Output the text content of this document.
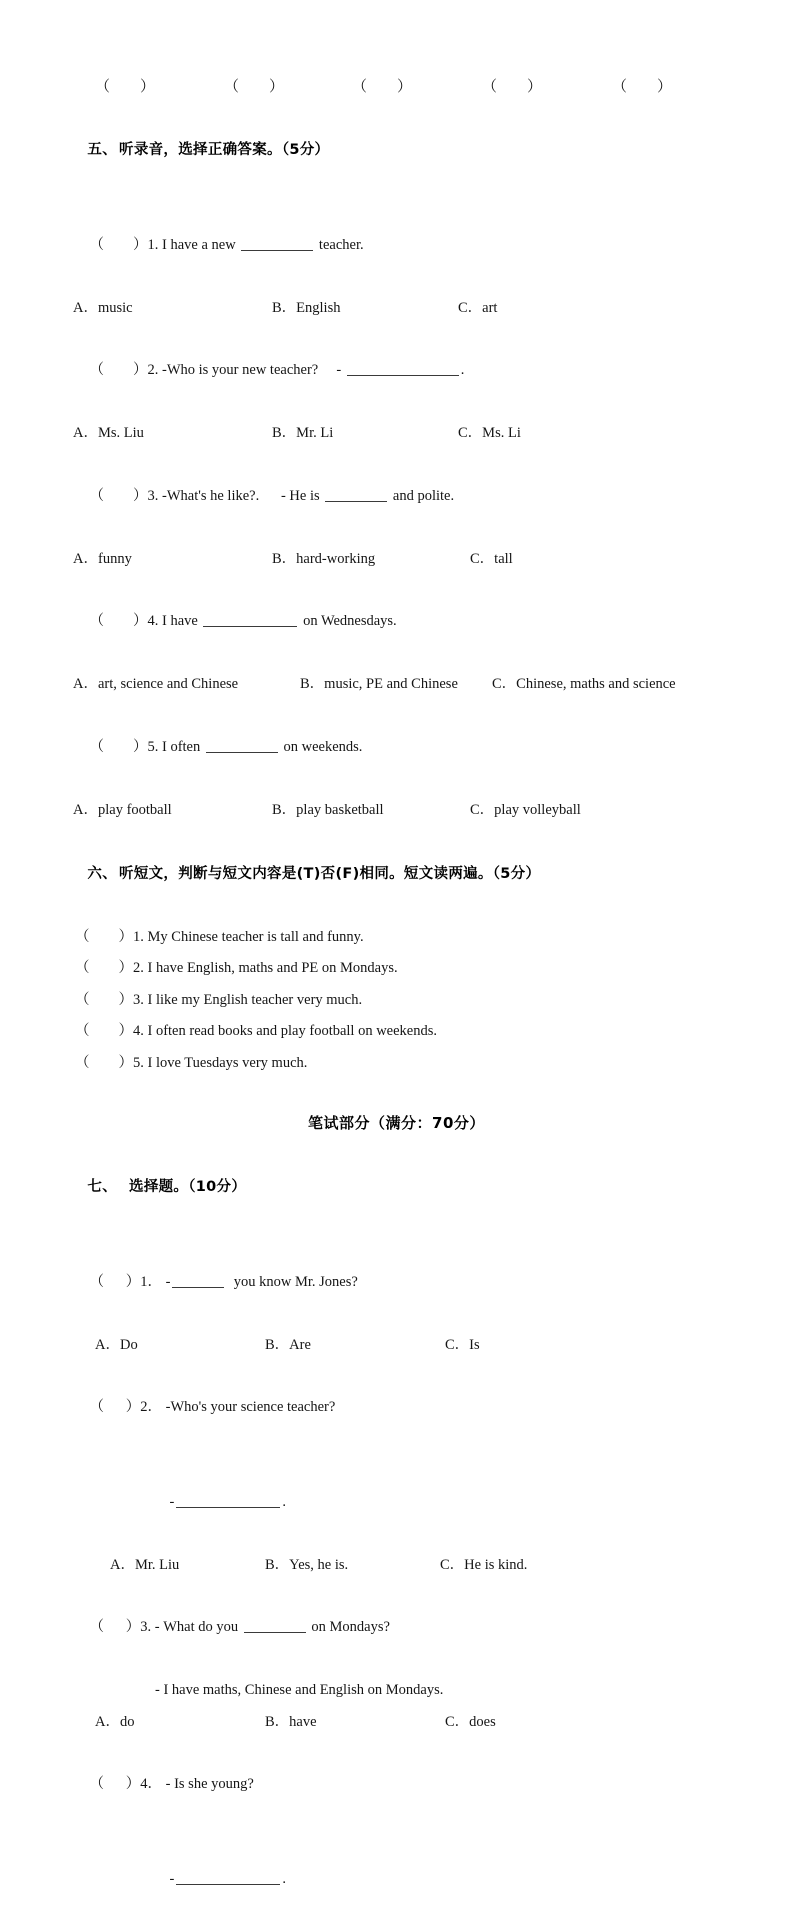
（        ）	（        ）	（        ）	（        ）	（        ）

五、 听录音，选择正确答案。（5分）

（        ）1. I have a new	teacher.

A．music

	B．English

	C．art

（        ）2. -Who is your new teacher?     -	.

A．Ms. Liu

	B．Mr. Li

	C．Ms. Li

（        ）3. -What's he like?.      - He is	and polite.

A．funny

	B．hard-working

	C．tall

（        ）4. I have	on Wednesdays.

A．art, science and Chinese

	B．music, PE and Chinese

C．Chinese, maths and science

（        ）5. I often	on weekends.

A．play football

	B．play basketball

	C．play volleyball

六、 听短文，判断与短文内容是(T)否(F)相同。短文读两遍。（5分）

（        ）1. My Chinese teacher is tall and funny.
（        ）2. I have English, maths and PE on Mondays.
（        ）3. I like my English teacher very much.
（        ）4. I often read books and play football on weekends.
（        ）5. I love Tuesdays very much.
笔试部分（满分：70分）

七、 选择题。（10分）

（      ）1． -	you know Mr. Jones?

A．Do

	B．Are

	C．Is

（      ）2． -Who's your science teacher?

-	.

A．Mr. Liu

	B．Yes, he is.

	C．He is kind.

（      ）3. - What do you	on Mondays?

- I have maths, Chinese and English on Mondays.

A．do

	B．have

	C．does

（      ）4． - Is she young?

-	.
